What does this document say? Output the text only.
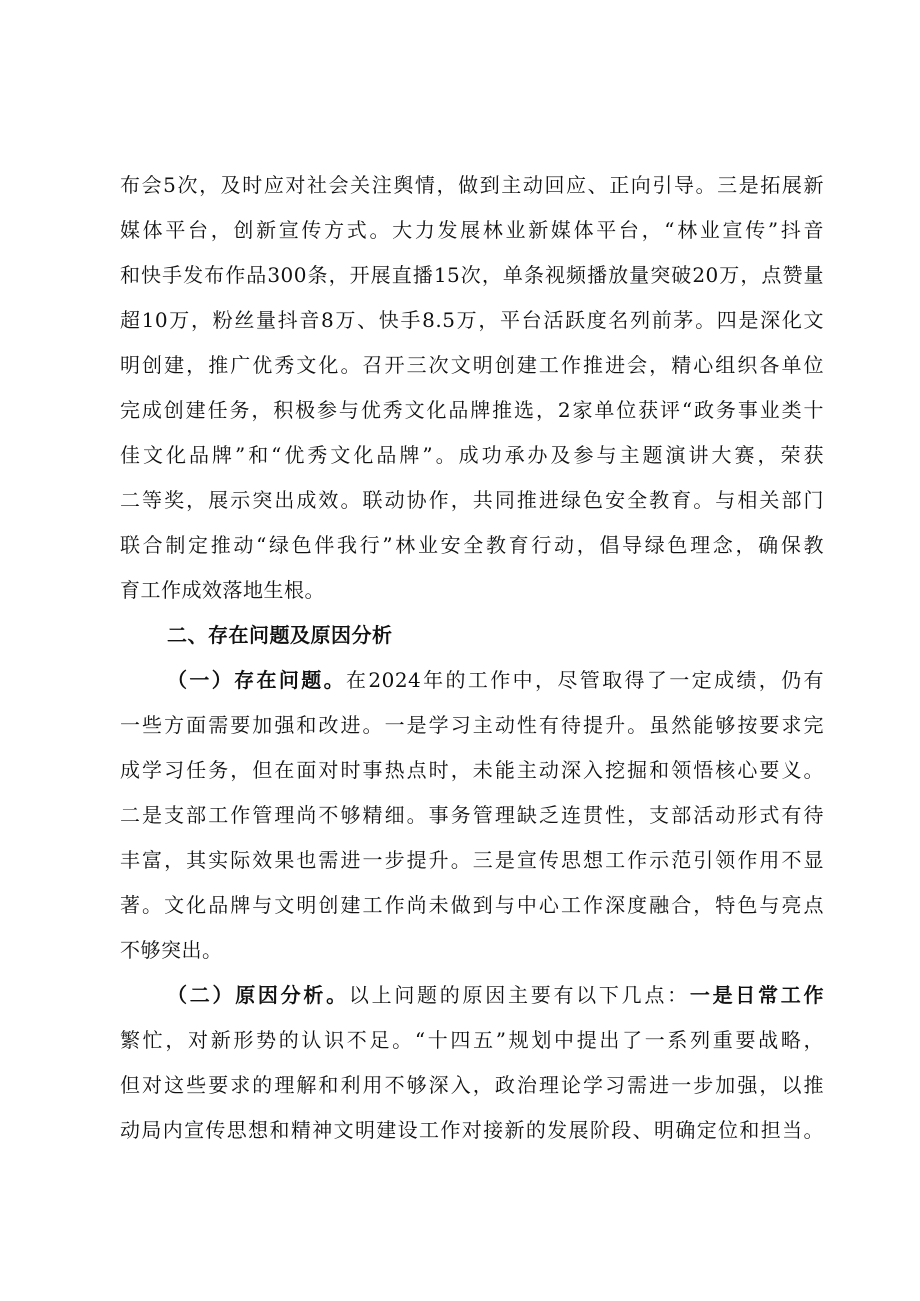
布会5次，及时应对社会关注舆情，做到主动回应、正向引导。三是拓展新
媒体平台，创新宣传方式。大力发展林业新媒体平台，“林业宣传”抖音
和快手发布作品300条，开展直播15次，单条视频播放量突破20万，点赞量
超10万，粉丝量抖音8万、快手8.5万，平台活跃度名列前茅。四是深化文
明创建，推广优秀文化。召开三次文明创建工作推进会，精心组织各单位
完成创建任务，积极参与优秀文化品牌推选，2家单位获评“政务事业类十
佳文化品牌”和“优秀文化品牌”。成功承办及参与主题演讲大赛，荣获
二等奖，展示突出成效。联动协作，共同推进绿色安全教育。与相关部门
联合制定推动“绿色伴我行”林业安全教育行动，倡导绿色理念，确保教
育工作成效落地生根。
二、存在问题及原因分析
（一）存在问题。在2024年的工作中，尽管取得了一定成绩，仍有
一些方面需要加强和改进。一是学习主动性有待提升。虽然能够按要求完
成学习任务，但在面对时事热点时，未能主动深入挖掘和领悟核心要义。
二是支部工作管理尚不够精细。事务管理缺乏连贯性，支部活动形式有待
丰富，其实际效果也需进一步提升。三是宣传思想工作示范引领作用不显
著。文化品牌与文明创建工作尚未做到与中心工作深度融合，特色与亮点
不够突出。
（二）原因分析。以上问题的原因主要有以下几点：一是日常工作
繁忙，对新形势的认识不足。“十四五”规划中提出了一系列重要战略，
但对这些要求的理解和利用不够深入，政治理论学习需进一步加强，以推
动局内宣传思想和精神文明建设工作对接新的发展阶段、明确定位和担当。
